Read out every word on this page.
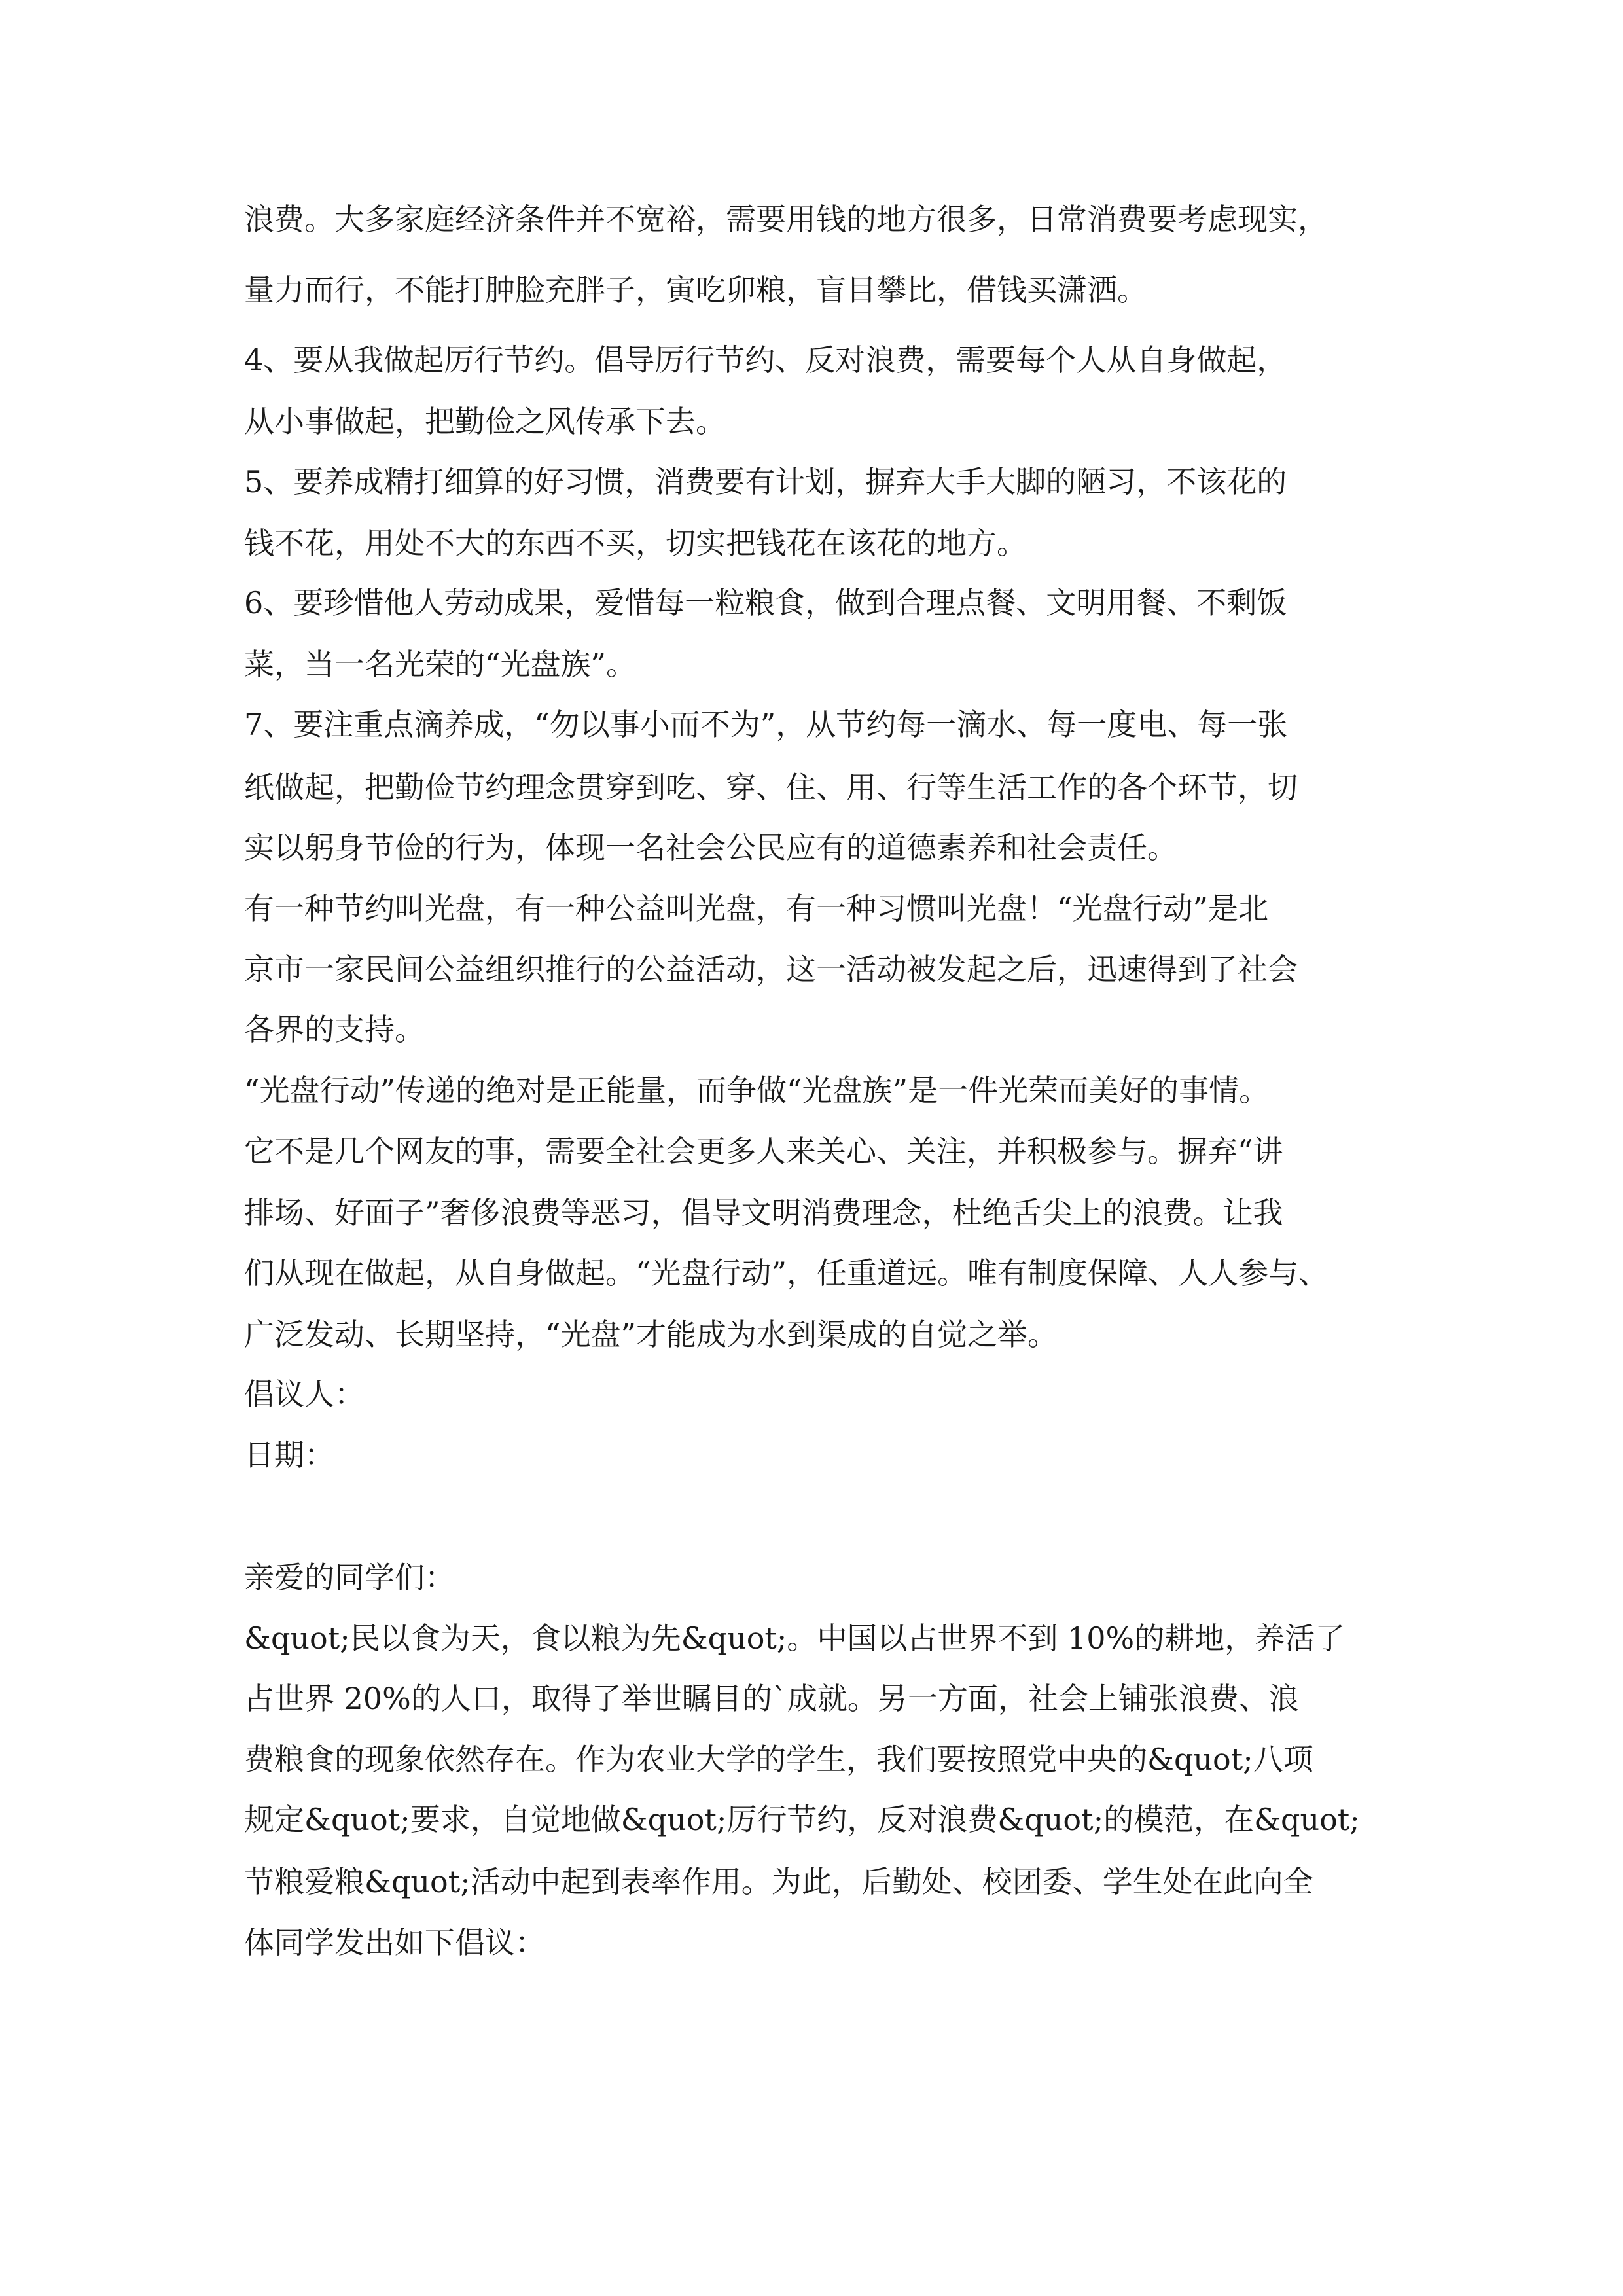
浪费。大多家庭经济条件并不宽裕，需要用钱的地方很多，日常消费要考虑现实，

量力而行，不能打肿脸充胖子，寅吃卯粮，盲目攀比，借钱买潇洒。

4、要从我做起厉行节约。倡导厉行节约、反对浪费，需要每个人从自身做起，

从小事做起，把勤俭之风传承下去。

5、要养成精打细算的好习惯，消费要有计划，摒弃大手大脚的陋习，不该花的

钱不花，用处不大的东西不买，切实把钱花在该花的地方。

6、要珍惜他人劳动成果，爱惜每一粒粮食，做到合理点餐、文明用餐、不剩饭

菜，当一名光荣的“光盘族”。

7、要注重点滴养成，“勿以事小而不为”，从节约每一滴水、每一度电、每一张

纸做起，把勤俭节约理念贯穿到吃、穿、住、用、行等生活工作的各个环节，切

实以躬身节俭的行为，体现一名社会公民应有的道德素养和社会责任。

有一种节约叫光盘，有一种公益叫光盘，有一种习惯叫光盘！“光盘行动”是北

京市一家民间公益组织推行的公益活动，这一活动被发起之后，迅速得到了社会

各界的支持。

“光盘行动”传递的绝对是正能量，而争做“光盘族”是一件光荣而美好的事情。

它不是几个网友的事，需要全社会更多人来关心、关注，并积极参与。摒弃“讲

排场、好面子”奢侈浪费等恶习，倡导文明消费理念，杜绝舌尖上的浪费。让我

们从现在做起，从自身做起。“光盘行动”，任重道远。唯有制度保障、人人参与、

广泛发动、长期坚持，“光盘”才能成为水到渠成的自觉之举。

倡议人：

日期：

亲爱的同学们：

&quot;民以食为天，食以粮为先&quot;。中国以占世界不到 10%的耕地，养活了

占世界 20%的人口，取得了举世瞩目的`成就。另一方面，社会上铺张浪费、浪

费粮食的现象依然存在。作为农业大学的学生，我们要按照党中央的&quot;八项

规定&quot;要求，自觉地做&quot;厉行节约，反对浪费&quot;的模范，在&quot;

节粮爱粮&quot;活动中起到表率作用。为此，后勤处、校团委、学生处在此向全

体同学发出如下倡议：
